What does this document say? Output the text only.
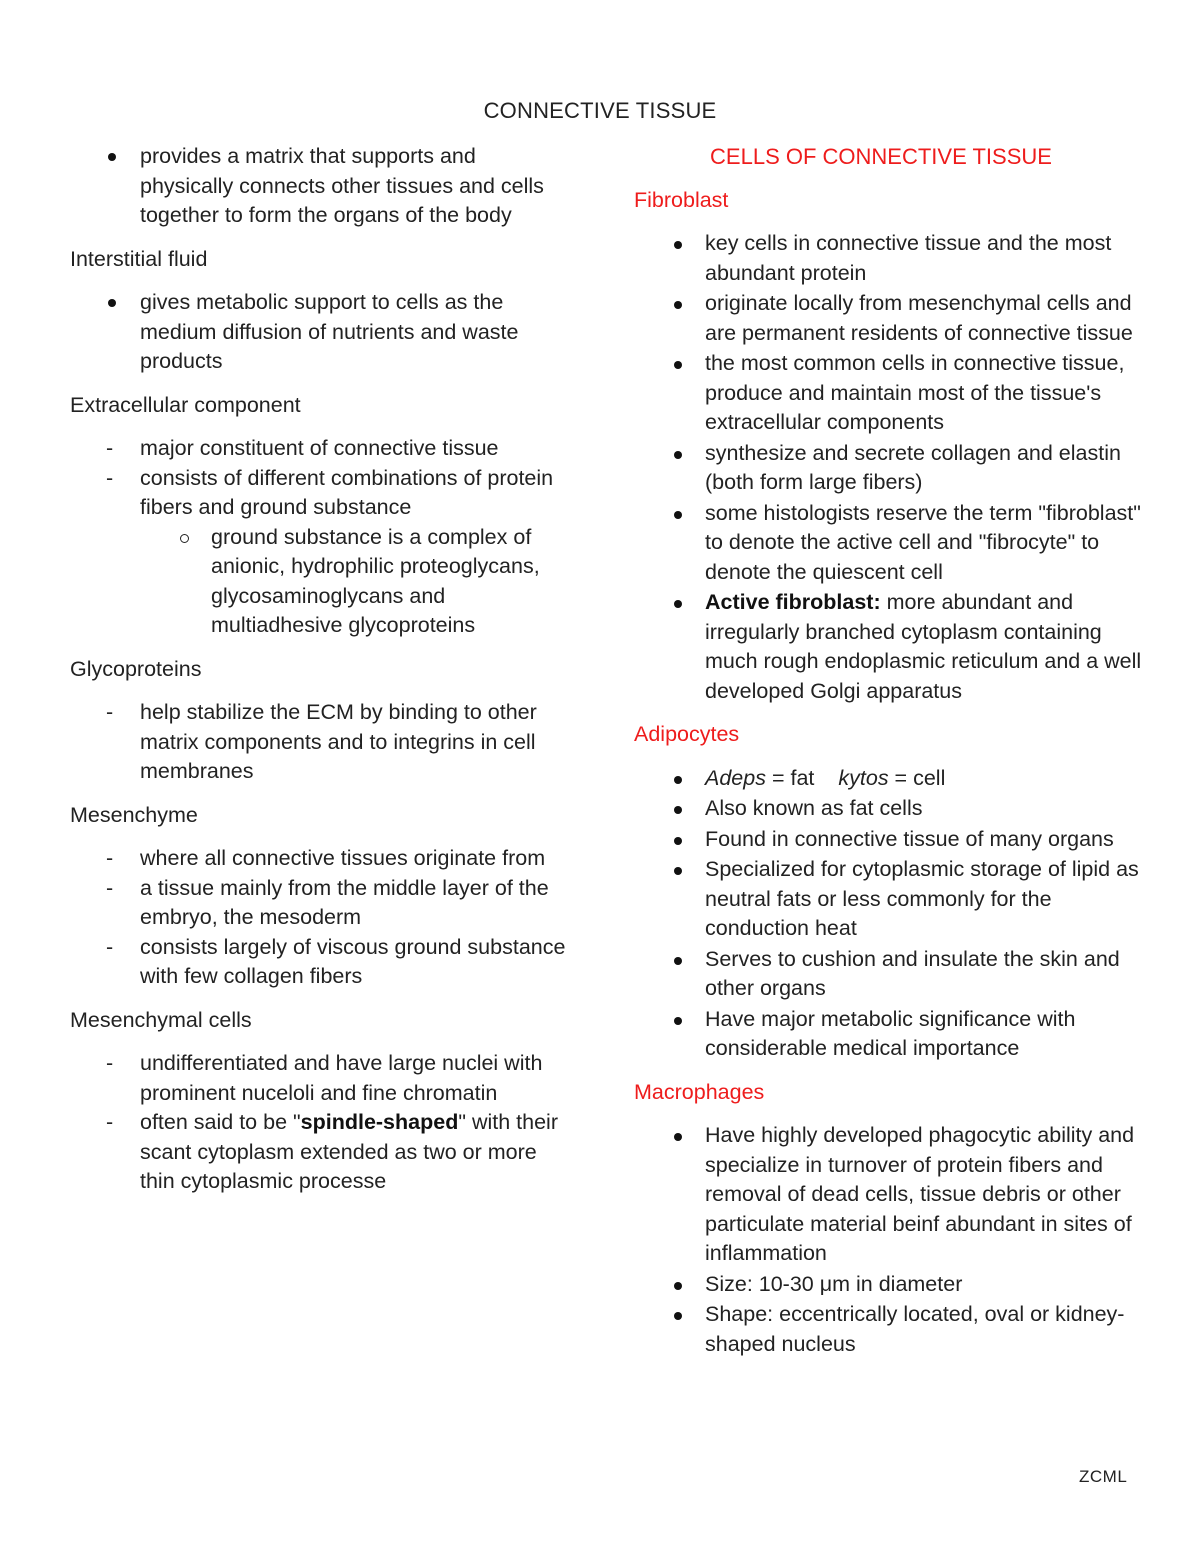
CONNECTIVE TISSUE
provides a matrix that supports and physically connects other tissues and cells together to form the organs of the body
Interstitial fluid
gives metabolic support to cells as the medium diffusion of nutrients and waste products
Extracellular component
- major constituent of connective tissue
- consists of different combinations of protein fibers and ground substance
ground substance is a complex of anionic, hydrophilic proteoglycans, glycosaminoglycans and multiadhesive glycoproteins
Glycoproteins
- help stabilize the ECM by binding to other matrix components and to integrins in cell membranes
Mesenchyme
- where all connective tissues originate from
- a tissue mainly from the middle layer of the embryo, the mesoderm
- consists largely of viscous ground substance with few collagen fibers
Mesenchymal cells
- undifferentiated and have large nuclei with prominent nuceloli and fine chromatin
- often said to be "spindle-shaped" with their scant cytoplasm extended as two or more thin cytoplasmic processe
CELLS OF CONNECTIVE TISSUE
Fibroblast
key cells in connective tissue and the most abundant protein
originate locally from mesenchymal cells and are permanent residents of connective tissue
the most common cells in connective tissue, produce and maintain most of the tissue's extracellular components
synthesize and secrete collagen and elastin (both form large fibers)
some histologists reserve the term "fibroblast" to denote the active cell and "fibrocyte" to denote the quiescent cell
Active fibroblast: more abundant and irregularly branched cytoplasm containing much rough endoplasmic reticulum and a well developed Golgi apparatus
Adipocytes
Adeps = fat kytos = cell
Also known as fat cells
Found in connective tissue of many organs
Specialized for cytoplasmic storage of lipid as neutral fats or less commonly for the conduction heat
Serves to cushion and insulate the skin and other organs
Have major metabolic significance with considerable medical importance
Macrophages
Have highly developed phagocytic ability and specialize in turnover of protein fibers and removal of dead cells, tissue debris or other particulate material beinf abundant in sites of inflammation
Size: 10-30 μm in diameter
Shape: eccentrically located, oval or kidney-shaped nucleus
ZCML
